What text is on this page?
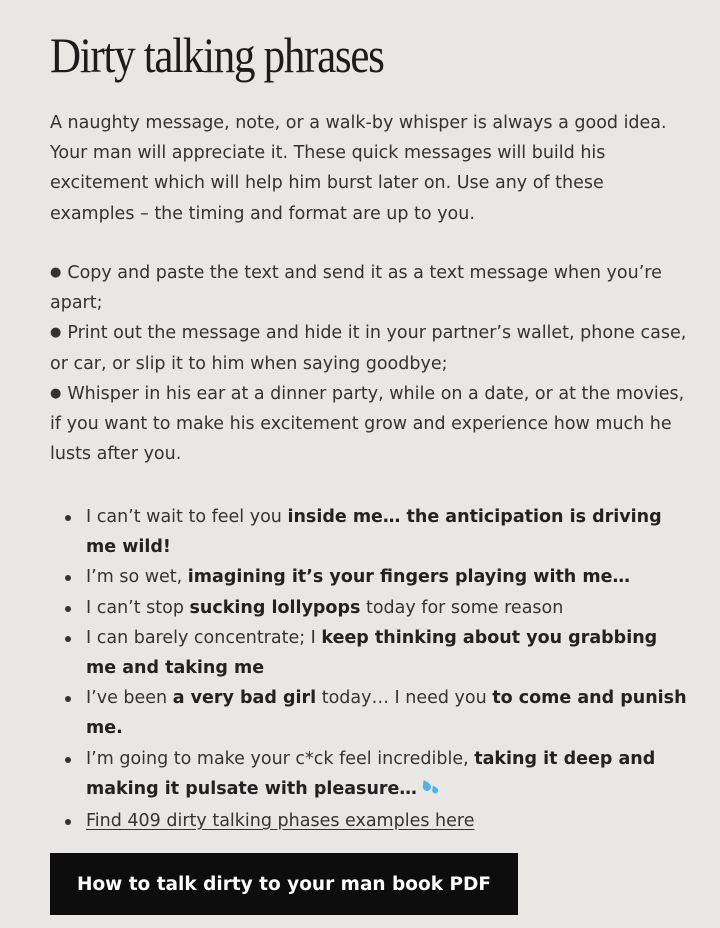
Dirty talking phrases

A naughty message, note, or a walk-by whisper is always a good idea. Your man will appreciate it. These quick messages will build his excitement which will help him burst later on. Use any of these examples – the timing and format are up to you.

● Copy and paste the text and send it as a text message when you’re apart;
● Print out the message and hide it in your partner’s wallet, phone case, or car, or slip it to him when saying goodbye;
● Whisper in his ear at a dinner party, while on a date, or at the movies, if you want to make his excitement grow and experience how much he lusts after you.
I can’t wait to feel you inside me… the anticipation is driving me wild!
I’m so wet, imagining it’s your fingers playing with me…
I can’t stop sucking lollypops today for some reason
I can barely concentrate; I keep thinking about you grabbing me and taking me
I’ve been a very bad girl today… I need you to come and punish me.
I’m going to make your c*ck feel incredible, taking it deep and making it pulsate with pleasure…
Find 409 dirty talking phases examples here
How to talk dirty to your man book PDF
